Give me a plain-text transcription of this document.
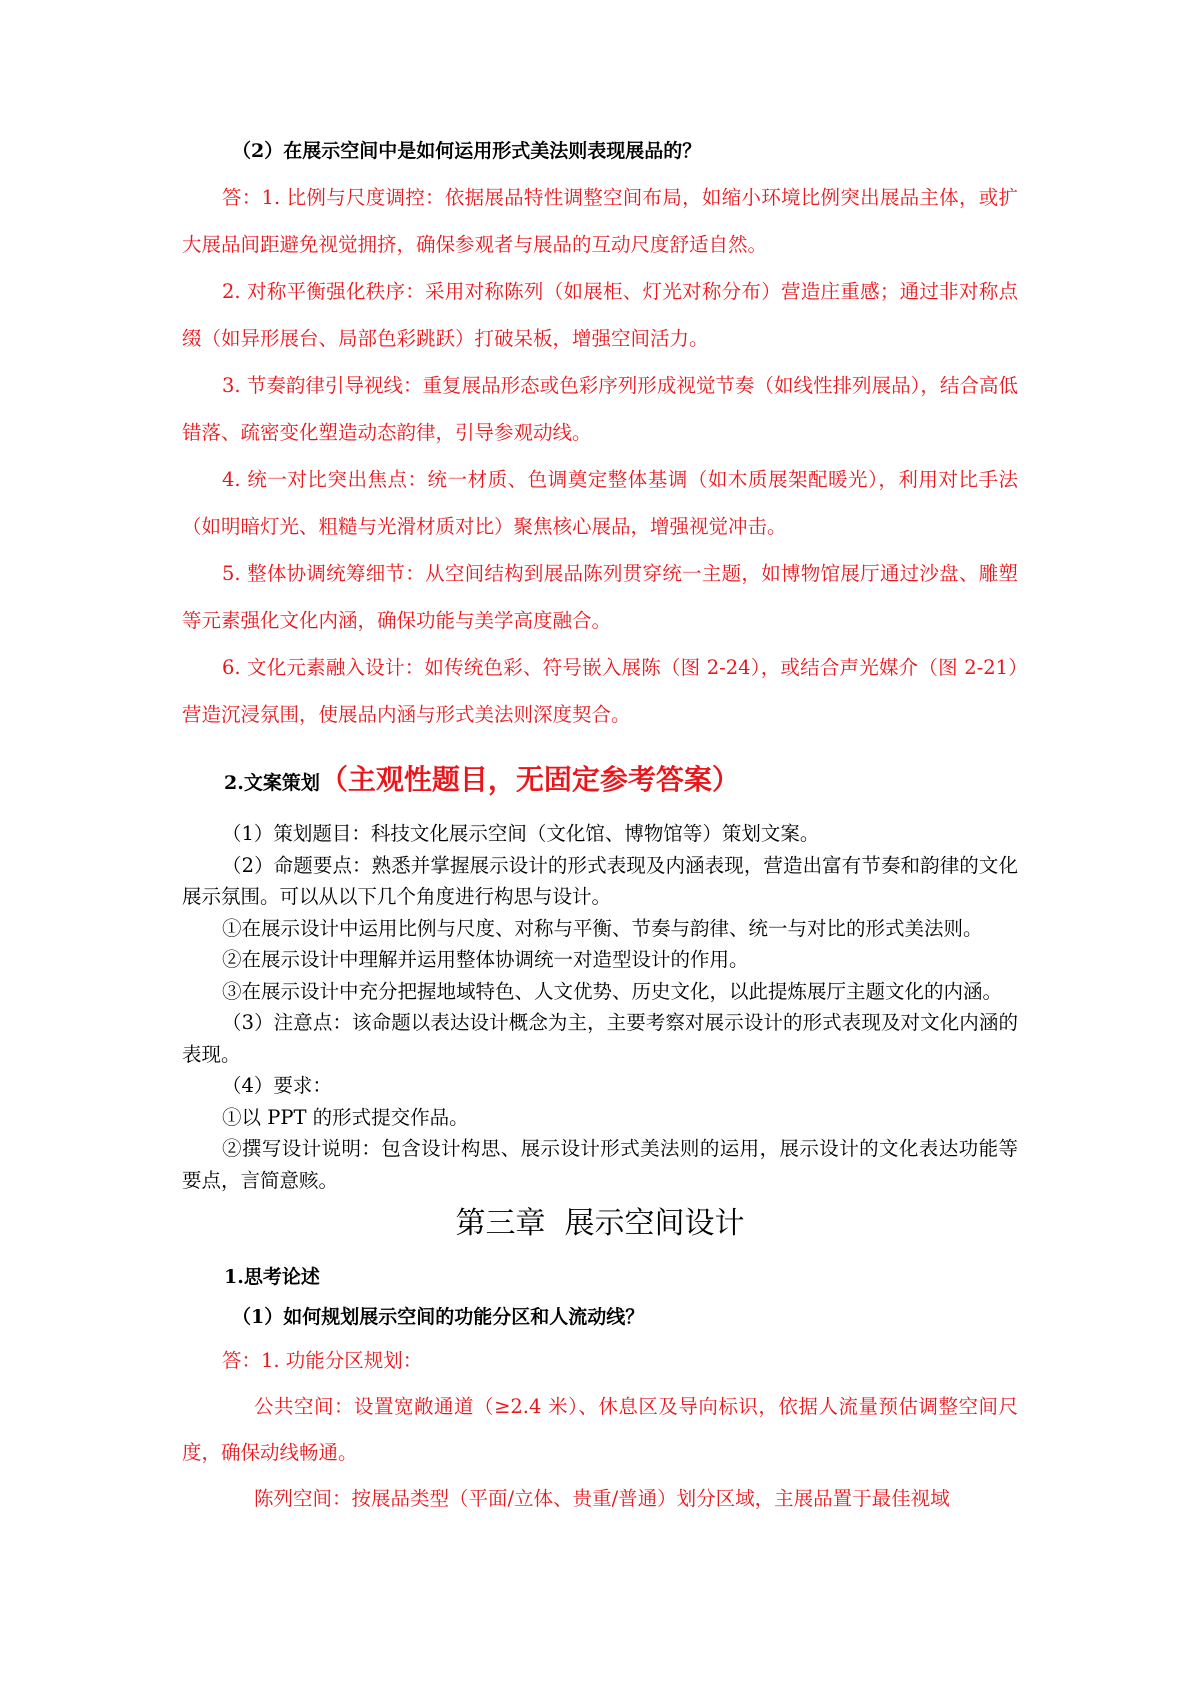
（2）在展示空间中是如何运用形式美法则表现展品的？

答：1. 比例与尺度调控：依据展品特性调整空间布局，如缩小环境比例突出展品主体，或扩大展品间距避免视觉拥挤，确保参观者与展品的互动尺度舒适自然。

2. 对称平衡强化秩序：采用对称陈列（如展柜、灯光对称分布）营造庄重感；通过非对称点缀（如异形展台、局部色彩跳跃）打破呆板，增强空间活力。

3. 节奏韵律引导视线：重复展品形态或色彩序列形成视觉节奏（如线性排列展品），结合高低错落、疏密变化塑造动态韵律，引导参观动线。

4. 统一对比突出焦点：统一材质、色调奠定整体基调（如木质展架配暖光），利用对比手法（如明暗灯光、粗糙与光滑材质对比）聚焦核心展品，增强视觉冲击。

5. 整体协调统筹细节：从空间结构到展品陈列贯穿统一主题，如博物馆展厅通过沙盘、雕塑等元素强化文化内涵，确保功能与美学高度融合。

6. 文化元素融入设计：如传统色彩、符号嵌入展陈（图 2-24），或结合声光媒介（图 2-21）营造沉浸氛围，使展品内涵与形式美法则深度契合。

2.文案策划（主观性题目，无固定参考答案）

（1）策划题目：科技文化展示空间（文化馆、博物馆等）策划文案。

（2）命题要点：熟悉并掌握展示设计的形式表现及内涵表现，营造出富有节奏和韵律的文化展示氛围。可以从以下几个角度进行构思与设计。

①在展示设计中运用比例与尺度、对称与平衡、节奏与韵律、统一与对比的形式美法则。

②在展示设计中理解并运用整体协调统一对造型设计的作用。

③在展示设计中充分把握地域特色、人文优势、历史文化，以此提炼展厅主题文化的内涵。

（3）注意点：该命题以表达设计概念为主，主要考察对展示设计的形式表现及对文化内涵的表现。

（4）要求：

①以 PPT 的形式提交作品。

②撰写设计说明：包含设计构思、展示设计形式美法则的运用，展示设计的文化表达功能等要点，言简意赅。

第三章  展示空间设计
1.思考论述
（1）如何规划展示空间的功能分区和人流动线？

答：1. 功能分区规划：

公共空间：设置宽敞通道（≥2.4 米）、休息区及导向标识，依据人流量预估调整空间尺度，确保动线畅通。

陈列空间：按展品类型（平面/立体、贵重/普通）划分区域，主展品置于最佳视域
